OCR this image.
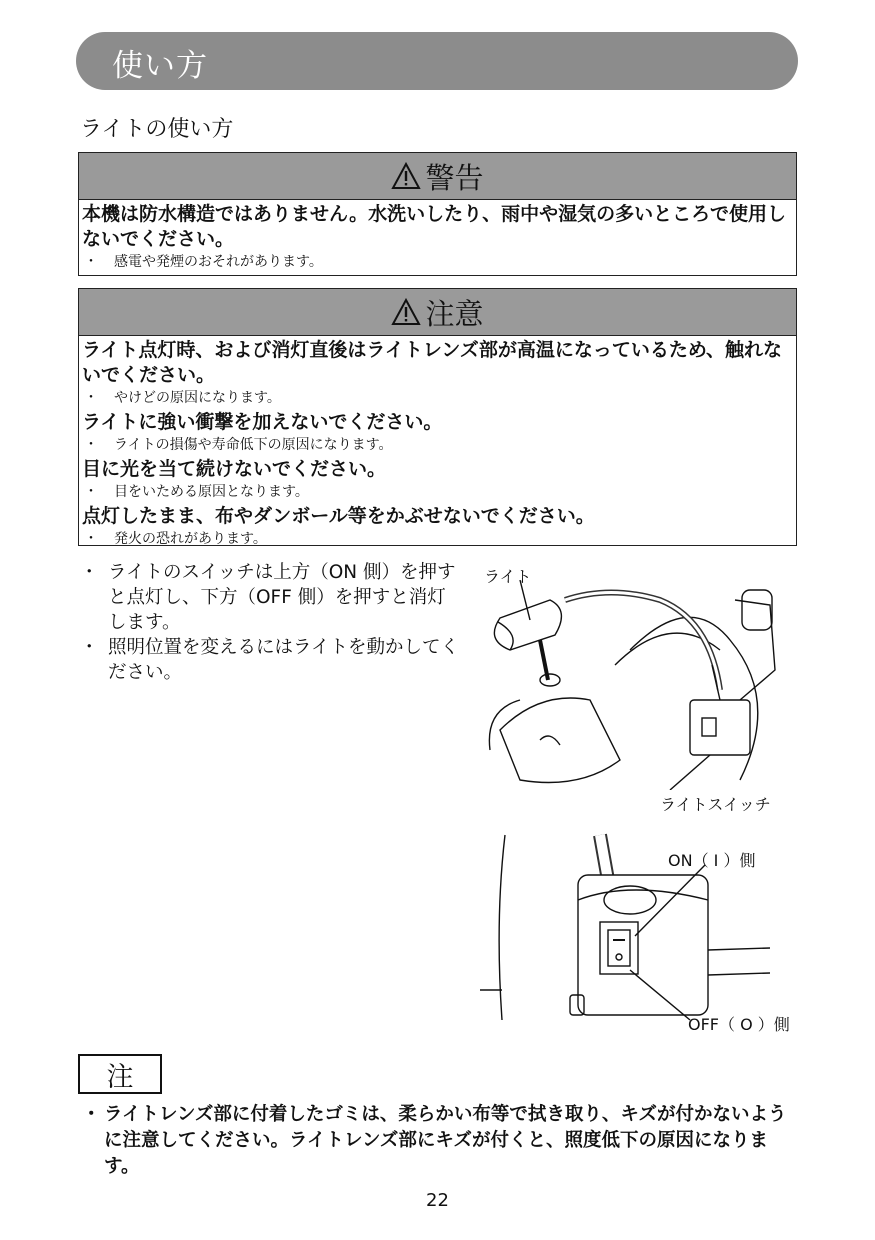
使い方
ライトの使い方
警告
本機は防水構造ではありません。水洗いしたり、雨中や湿気の多いところで使用しないでください。
・ 感電や発煙のおそれがあります。
注意
ライト点灯時、および消灯直後はライトレンズ部が高温になっているため、触れないでください。
・ やけどの原因になります。
ライトに強い衝撃を加えないでください。
・ ライトの損傷や寿命低下の原因になります。
目に光を当て続けないでください。
・ 目をいためる原因となります。
点灯したまま、布やダンボール等をかぶせないでください。
・ 発火の恐れがあります。
・ ライトのスイッチは上方（ON 側）を押すと点灯し、下方（OFF 側）を押すと消灯します。
・ 照明位置を変えるにはライトを動かしてください。
ライト
ライトスイッチ
ON（ I ）側
OFF（ O ）側
注
・ ライトレンズ部に付着したゴミは、柔らかい布等で拭き取り、キズが付かないように注意してください。ライトレンズ部にキズが付くと、照度低下の原因になります。
22
